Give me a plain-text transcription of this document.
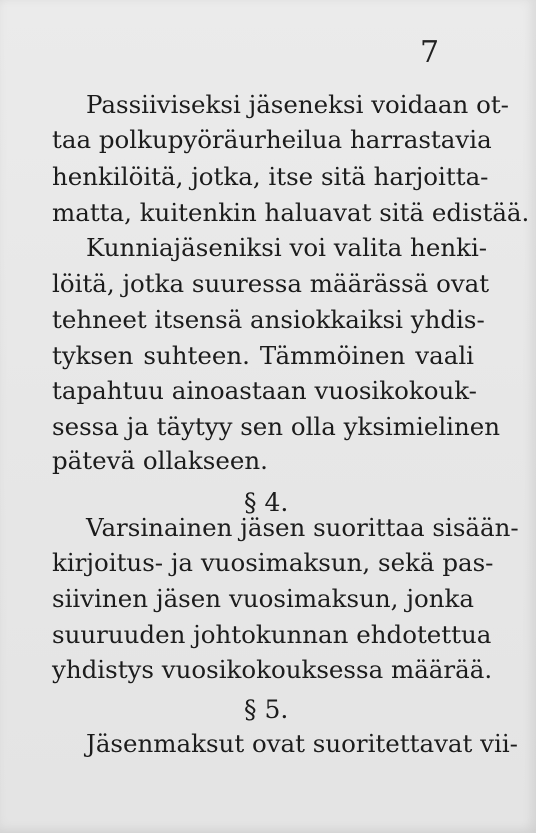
7
Passiiviseksi jäseneksi voidaan ot-
taa polkupyöräurheilua harrastavia
henkilöitä, jotka, itse sitä harjoitta-
matta, kuitenkin haluavat sitä edistää.
Kunniajäseniksi voi valita henki-
löitä, jotka suuressa määrässä ovat
tehneet itsensä ansiokkaiksi yhdis-
tyksen suhteen. Tämmöinen vaali
tapahtuu ainoastaan vuosikokouk-
sessa ja täytyy sen olla yksimielinen
pätevä ollakseen.
§ 4.
Varsinainen jäsen suorittaa sisään-
kirjoitus- ja vuosimaksun, sekä pas-
siivinen jäsen vuosimaksun, jonka
suuruuden johtokunnan ehdotettua
yhdistys vuosikokouksessa määrää.
§ 5.
Jäsenmaksut ovat suoritettavat vii-
